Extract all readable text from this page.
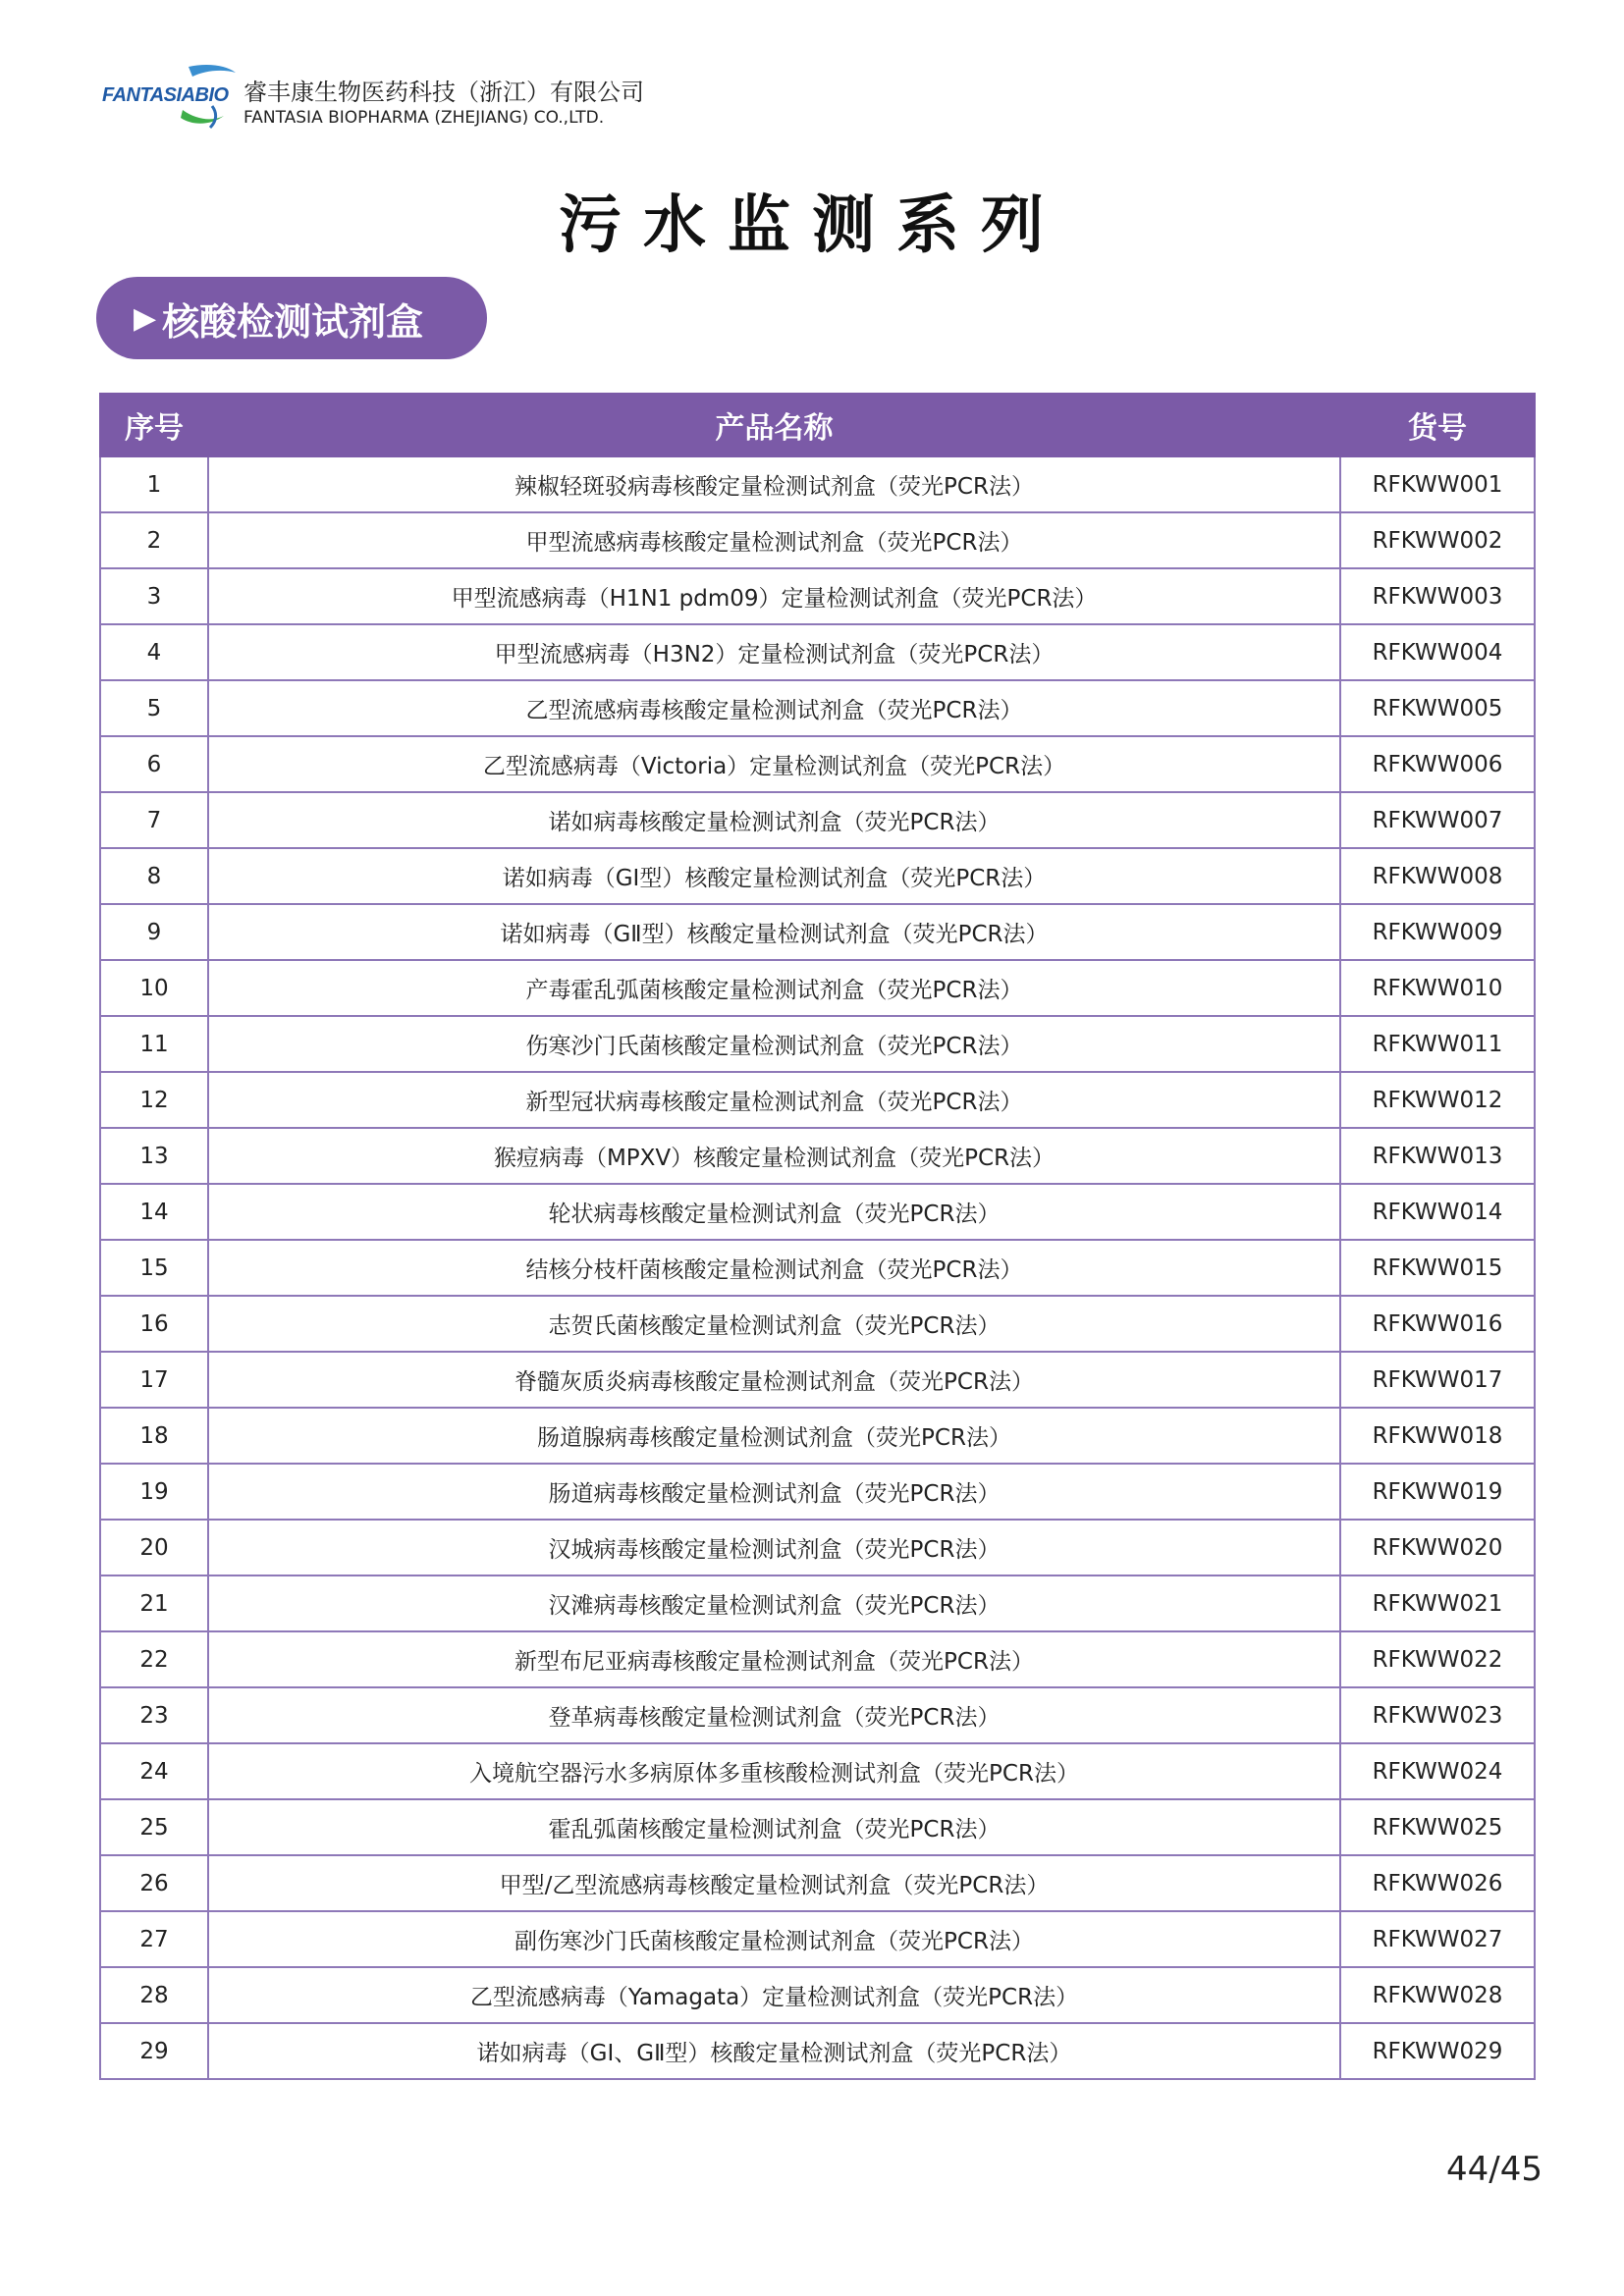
FANTASIABIO 睿丰康生物医药科技（浙江）有限公司
FANTASIA BIOPHARMA (ZHEJIANG) CO.,LTD.
污水监测系列
▶ 核酸检测试剂盒
序号	产品名称	货号
1	辣椒轻斑驳病毒核酸定量检测试剂盒（荧光PCR法）	RFKWW001
2	甲型流感病毒核酸定量检测试剂盒（荧光PCR法）	RFKWW002
3	甲型流感病毒（H1N1 pdm09）定量检测试剂盒（荧光PCR法）	RFKWW003
4	甲型流感病毒（H3N2）定量检测试剂盒（荧光PCR法）	RFKWW004
5	乙型流感病毒核酸定量检测试剂盒（荧光PCR法）	RFKWW005
6	乙型流感病毒（Victoria）定量检测试剂盒（荧光PCR法）	RFKWW006
7	诺如病毒核酸定量检测试剂盒（荧光PCR法）	RFKWW007
8	诺如病毒（GⅠ型）核酸定量检测试剂盒（荧光PCR法）	RFKWW008
9	诺如病毒（GⅡ型）核酸定量检测试剂盒（荧光PCR法）	RFKWW009
10	产毒霍乱弧菌核酸定量检测试剂盒（荧光PCR法）	RFKWW010
11	伤寒沙门氏菌核酸定量检测试剂盒（荧光PCR法）	RFKWW011
12	新型冠状病毒核酸定量检测试剂盒（荧光PCR法）	RFKWW012
13	猴痘病毒（MPXV）核酸定量检测试剂盒（荧光PCR法）	RFKWW013
14	轮状病毒核酸定量检测试剂盒（荧光PCR法）	RFKWW014
15	结核分枝杆菌核酸定量检测试剂盒（荧光PCR法）	RFKWW015
16	志贺氏菌核酸定量检测试剂盒（荧光PCR法）	RFKWW016
17	脊髓灰质炎病毒核酸定量检测试剂盒（荧光PCR法）	RFKWW017
18	肠道腺病毒核酸定量检测试剂盒（荧光PCR法）	RFKWW018
19	肠道病毒核酸定量检测试剂盒（荧光PCR法）	RFKWW019
20	汉城病毒核酸定量检测试剂盒（荧光PCR法）	RFKWW020
21	汉滩病毒核酸定量检测试剂盒（荧光PCR法）	RFKWW021
22	新型布尼亚病毒核酸定量检测试剂盒（荧光PCR法）	RFKWW022
23	登革病毒核酸定量检测试剂盒（荧光PCR法）	RFKWW023
24	入境航空器污水多病原体多重核酸检测试剂盒（荧光PCR法）	RFKWW024
25	霍乱弧菌核酸定量检测试剂盒（荧光PCR法）	RFKWW025
26	甲型/乙型流感病毒核酸定量检测试剂盒（荧光PCR法）	RFKWW026
27	副伤寒沙门氏菌核酸定量检测试剂盒（荧光PCR法）	RFKWW027
28	乙型流感病毒（Yamagata）定量检测试剂盒（荧光PCR法）	RFKWW028
29	诺如病毒（GⅠ、GⅡ型）核酸定量检测试剂盒（荧光PCR法）	RFKWW029
44/45
